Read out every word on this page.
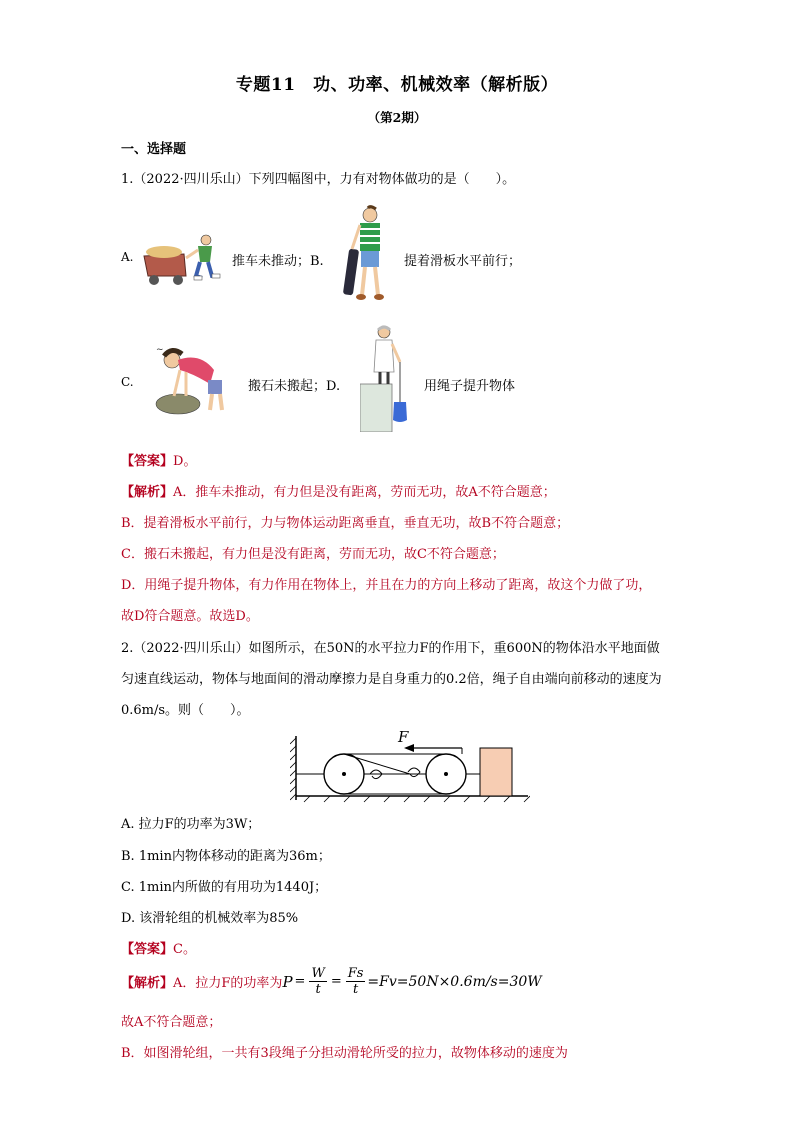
专题11　功、功率、机械效率（解析版）
（第2期）
一、选择题
1.（2022·四川乐山）下列四幅图中，力有对物体做功的是（　　）。
A.	推车未推动；B.	提着滑板水平前行；
C.
~
搬石未搬起；D.	用绳子提升物体
【答案】D。
【解析】A．推车未推动，有力但是没有距离，劳而无功，故A不符合题意；
B．提着滑板水平前行，力与物体运动距离垂直，垂直无功，故B不符合题意；
C．搬石未搬起，有力但是没有距离，劳而无功，故C不符合题意；
D．用绳子提升物体，有力作用在物体上，并且在力的方向上移动了距离，故这个力做了功，
故D符合题意。故选D。
2.（2022·四川乐山）如图所示，在50N的水平拉力F的作用下，重600N的物体沿水平地面做
匀速直线运动，物体与地面间的滑动摩擦力是自身重力的0.2倍，绳子自由端向前移动的速度为
0.6m/s。则（　　）。
F
A. 拉力F的功率为3W；
B. 1min内物体移动的距离为36m；
C. 1min内所做的有用功为1440J；
D. 该滑轮组的机械效率为85%
【答案】C。
【解析】 A．拉力F的功率为 $P = \frac{W}{t} = \frac{Fs}{t} =Fv=50N\times 0.6m/s=30W$
故A不符合题意；
B．如图滑轮组，一共有3段绳子分担动滑轮所受的拉力，故物体移动的速度为
